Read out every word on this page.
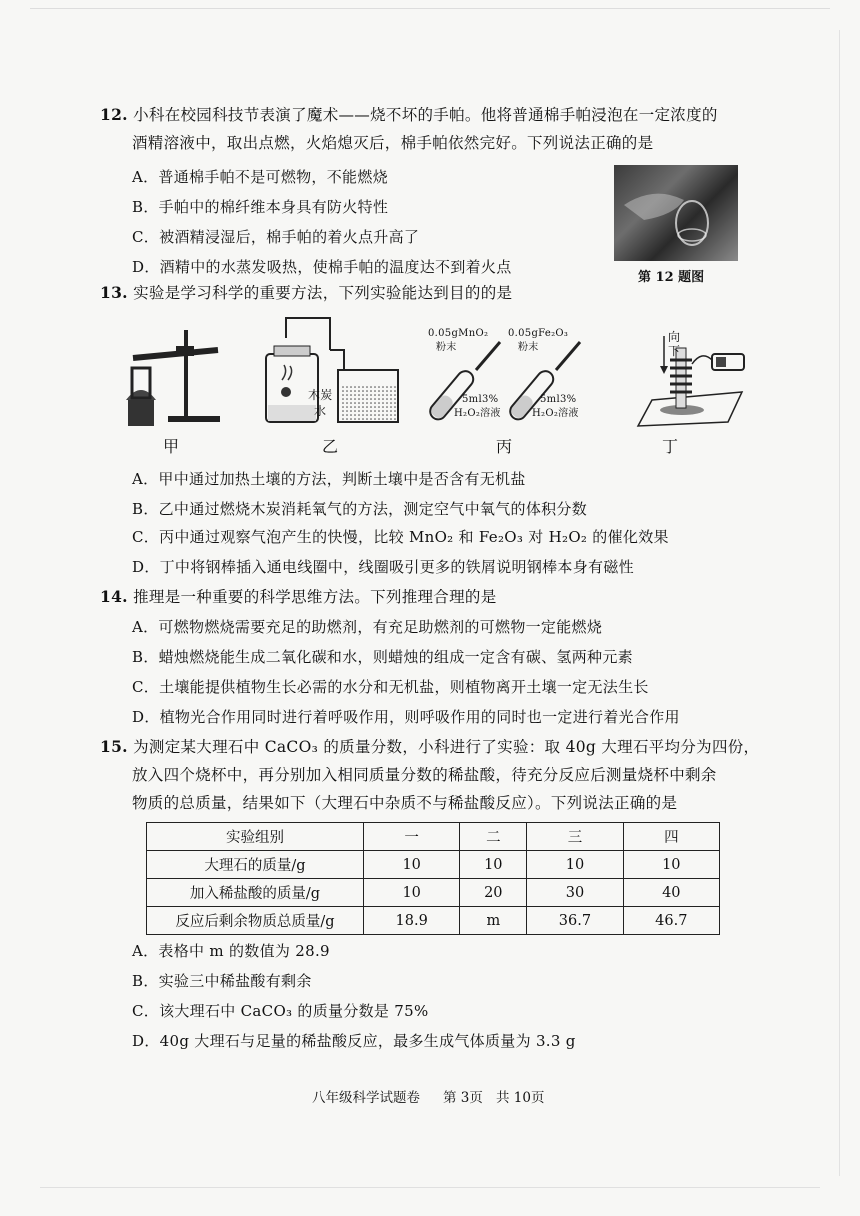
12. 小科在校园科技节表演了魔术——烧不坏的手帕。他将普通棉手帕浸泡在一定浓度的
酒精溶液中，取出点燃，火焰熄灭后，棉手帕依然完好。下列说法正确的是
A．普通棉手帕不是可燃物，不能燃烧
B．手帕中的棉纤维本身具有防火特性
C．被酒精浸湿后，棉手帕的着火点升高了
D．酒精中的水蒸发吸热，使棉手帕的温度达不到着火点
第 12 题图
13. 实验是学习科学的重要方法，下列实验能达到目的的是
甲	乙
木炭
水
0.05gMnO₂
粉末
0.05gFe₂O₃
粉末
5ml3%
H₂O₂溶液
5ml3%
H₂O₂溶液
丙
向下
丁
A．甲中通过加热土壤的方法，判断土壤中是否含有无机盐
B．乙中通过燃烧木炭消耗氧气的方法，测定空气中氧气的体积分数
C．丙中通过观察气泡产生的快慢，比较 MnO₂ 和 Fe₂O₃ 对 H₂O₂ 的催化效果
D．丁中将钢棒插入通电线圈中，线圈吸引更多的铁屑说明钢棒本身有磁性
14. 推理是一种重要的科学思维方法。下列推理合理的是
A．可燃物燃烧需要充足的助燃剂，有充足助燃剂的可燃物一定能燃烧
B．蜡烛燃烧能生成二氧化碳和水，则蜡烛的组成一定含有碳、氢两种元素
C．土壤能提供植物生长必需的水分和无机盐，则植物离开土壤一定无法生长
D．植物光合作用同时进行着呼吸作用，则呼吸作用的同时也一定进行着光合作用
15. 为测定某大理石中 CaCO₃ 的质量分数，小科进行了实验：取 40g 大理石平均分为四份，
放入四个烧杯中，再分别加入相同质量分数的稀盐酸，待充分反应后测量烧杯中剩余
物质的总质量，结果如下（大理石中杂质不与稀盐酸反应）。下列说法正确的是
实验组别	一	二	三	四
大理石的质量/g	10	10	10	10
加入稀盐酸的质量/g	10	20	30	40
反应后剩余物质总质量/g	18.9	m	36.7	46.7
A．表格中 m 的数值为 28.9
B．实验三中稀盐酸有剩余
C．该大理石中 CaCO₃ 的质量分数是 75%
D．40g 大理石与足量的稀盐酸反应，最多生成气体质量为 3.3 g
八年级科学试题卷 第 3页 共 10页
